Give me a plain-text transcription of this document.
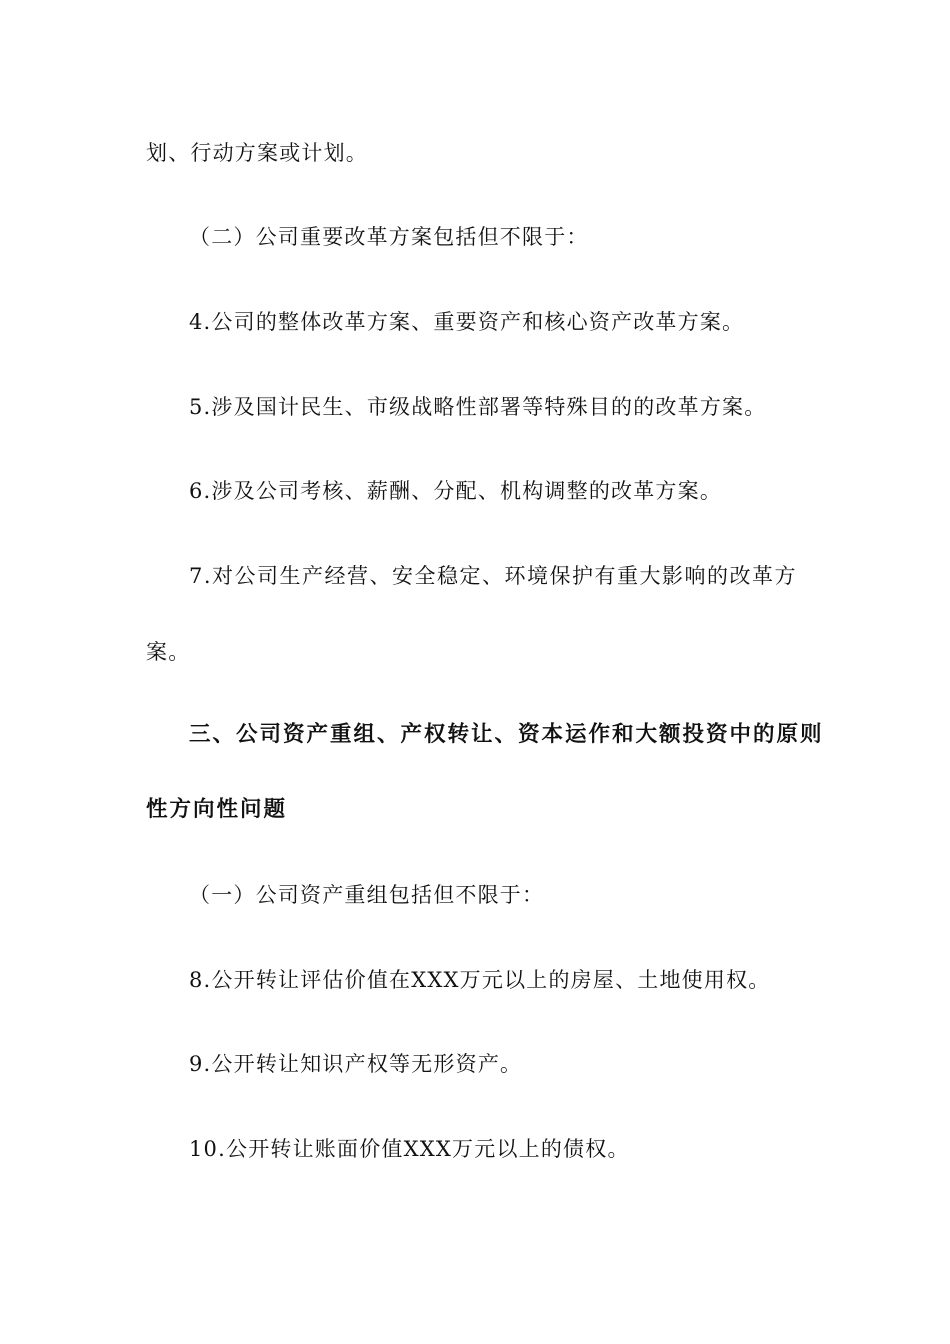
划、行动方案或计划。
（二）公司重要改革方案包括但不限于：
4.公司的整体改革方案、重要资产和核心资产改革方案。
5.涉及国计民生、市级战略性部署等特殊目的的改革方案。
6.涉及公司考核、薪酬、分配、机构调整的改革方案。
7.对公司生产经营、安全稳定、环境保护有重大影响的改革方
案。
三、公司资产重组、产权转让、资本运作和大额投资中的原则
性方向性问题
（一）公司资产重组包括但不限于：
8.公开转让评估价值在XXX万元以上的房屋、土地使用权。
9.公开转让知识产权等无形资产。
10.公开转让账面价值XXX万元以上的债权。
